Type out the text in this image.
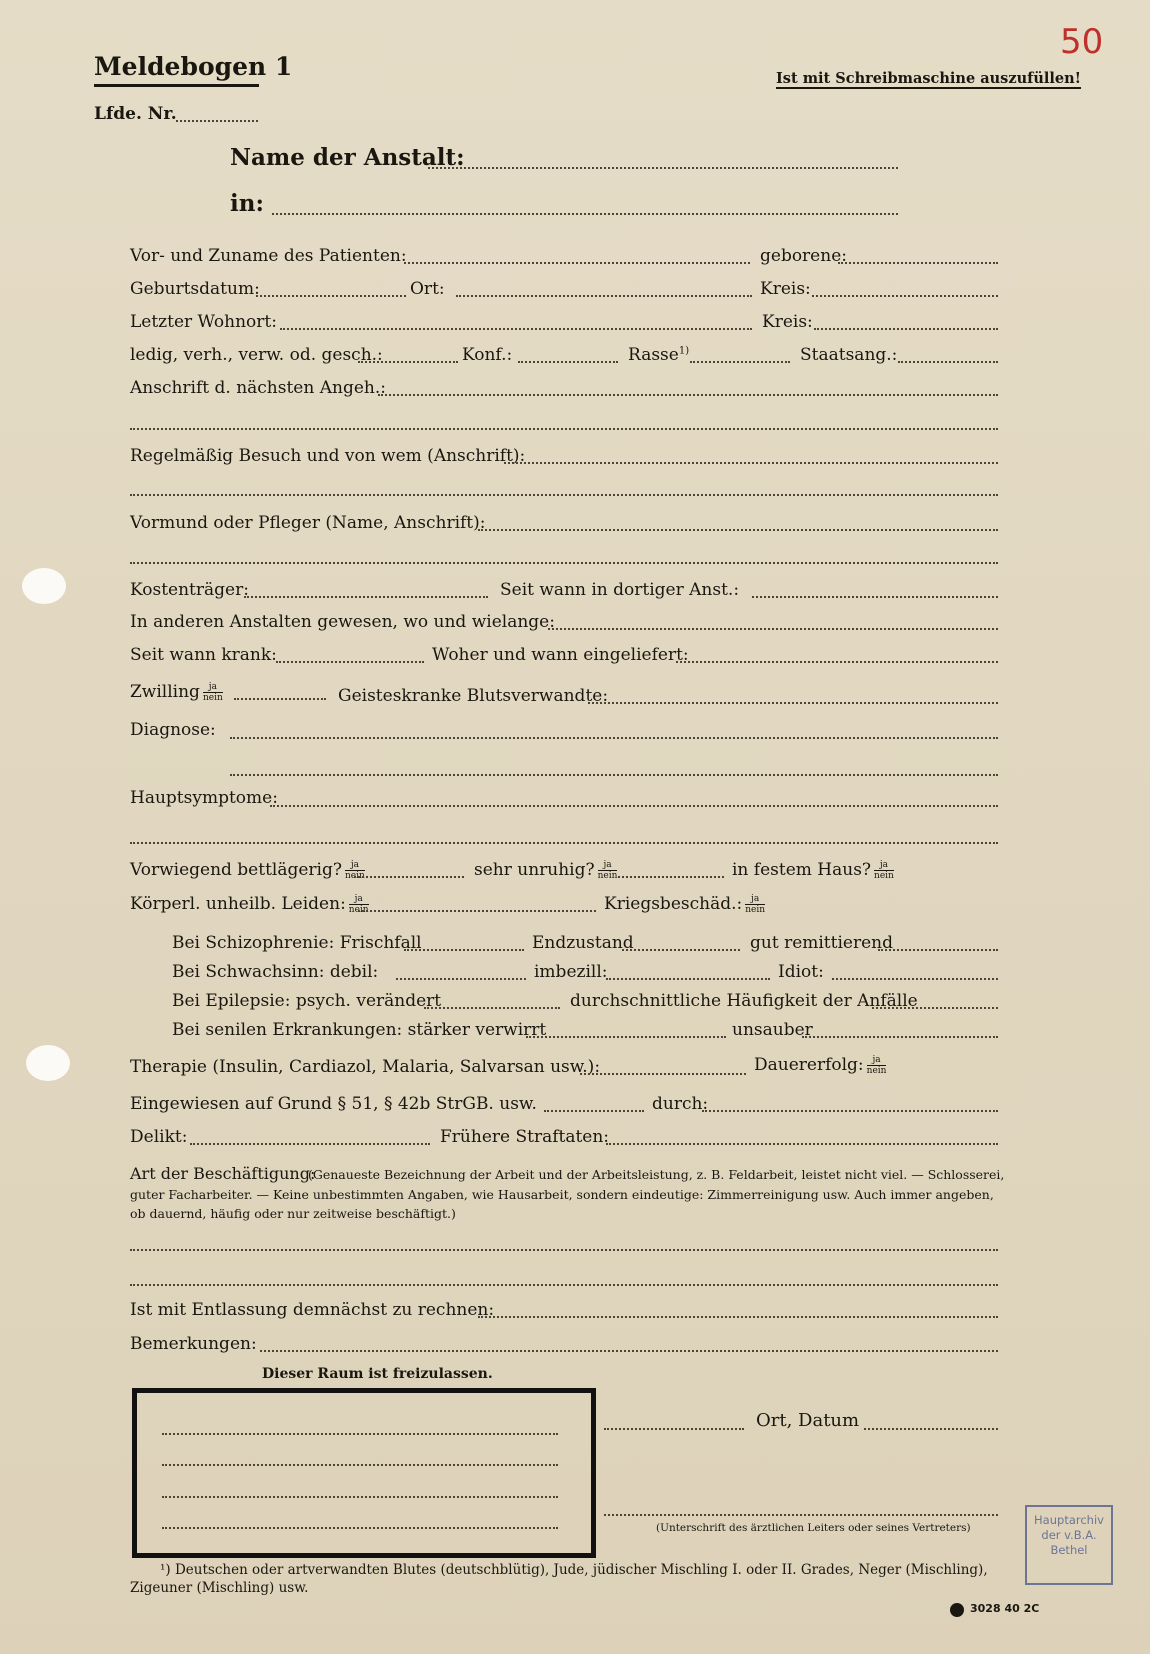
50
Meldebogen 1	Ist mit Schreibmaschine auszufüllen!
Lfde. Nr.
Name der Anstalt:
in:
Vor- und Zuname des Patienten:	geborene:
Geburtsdatum:	Ort:	Kreis:
Letzter Wohnort:	Kreis:
ledig, verh., verw. od. gesch.:	Konf.:	Rasse$^{1)}$	Staatsang.:
Anschrift d. nächsten Angeh.:
Regelmäßig Besuch und von wem (Anschrift):
Vormund oder Pfleger (Name, Anschrift):
Kostenträger:	Seit wann in dortiger Anst.:
In anderen Anstalten gewesen, wo und wielange:
Seit wann krank:	Woher und wann eingeliefert:
Zwilling $\frac{ja}{\text{nein}}$	Geisteskranke Blutsverwandte:
Diagnose:
Hauptsymptome:
Vorwiegend bettlägerig? $\frac{ja}{\text{nein}}$	sehr unruhig? $\frac{ja}{\text{nein}}$	in festem Haus? $\frac{ja}{\text{nein}}$
Körperl. unheilb. Leiden: $\frac{ja}{\text{nein}}$	Kriegsbeschäd.: $\frac{ja}{\text{nein}}$
Bei Schizophrenie: Frischfall	Endzustand	gut remittierend
Bei Schwachsinn: debil:	imbezill:	Idiot:
Bei Epilepsie: psych. verändert	durchschnittliche Häufigkeit der Anfälle
Bei senilen Erkrankungen: stärker verwirrt	unsauber
Therapie (Insulin, Cardiazol, Malaria, Salvarsan usw.):	Dauererfolg: $\frac{ja}{\text{nein}}$
Eingewiesen auf Grund § 51, § 42b StrGB. usw.	durch:
Delikt:	Frühere Straftaten:
Art der Beschäftigung:
(Genaueste Bezeichnung der Arbeit und der Arbeitsleistung, z. B. Feldarbeit, leistet nicht viel. — Schlosserei,
guter Facharbeiter. — Keine unbestimmten Angaben, wie Hausarbeit, sondern eindeutige: Zimmerreinigung usw. Auch immer angeben,
ob dauernd, häufig oder nur zeitweise beschäftigt.)
Ist mit Entlassung demnächst zu rechnen:
Bemerkungen:
Dieser Raum ist freizulassen.
Ort, Datum
(Unterschrift des ärztlichen Leiters oder seines Vertreters)
¹) Deutschen oder artverwandten Blutes (deutschblütig), Jude, jüdischer Mischling I. oder II. Grades, Neger (Mischling),
Zigeuner (Mischling) usw.
Hauptarchiv
der v.B.A.
Bethel
3028 40 2C
